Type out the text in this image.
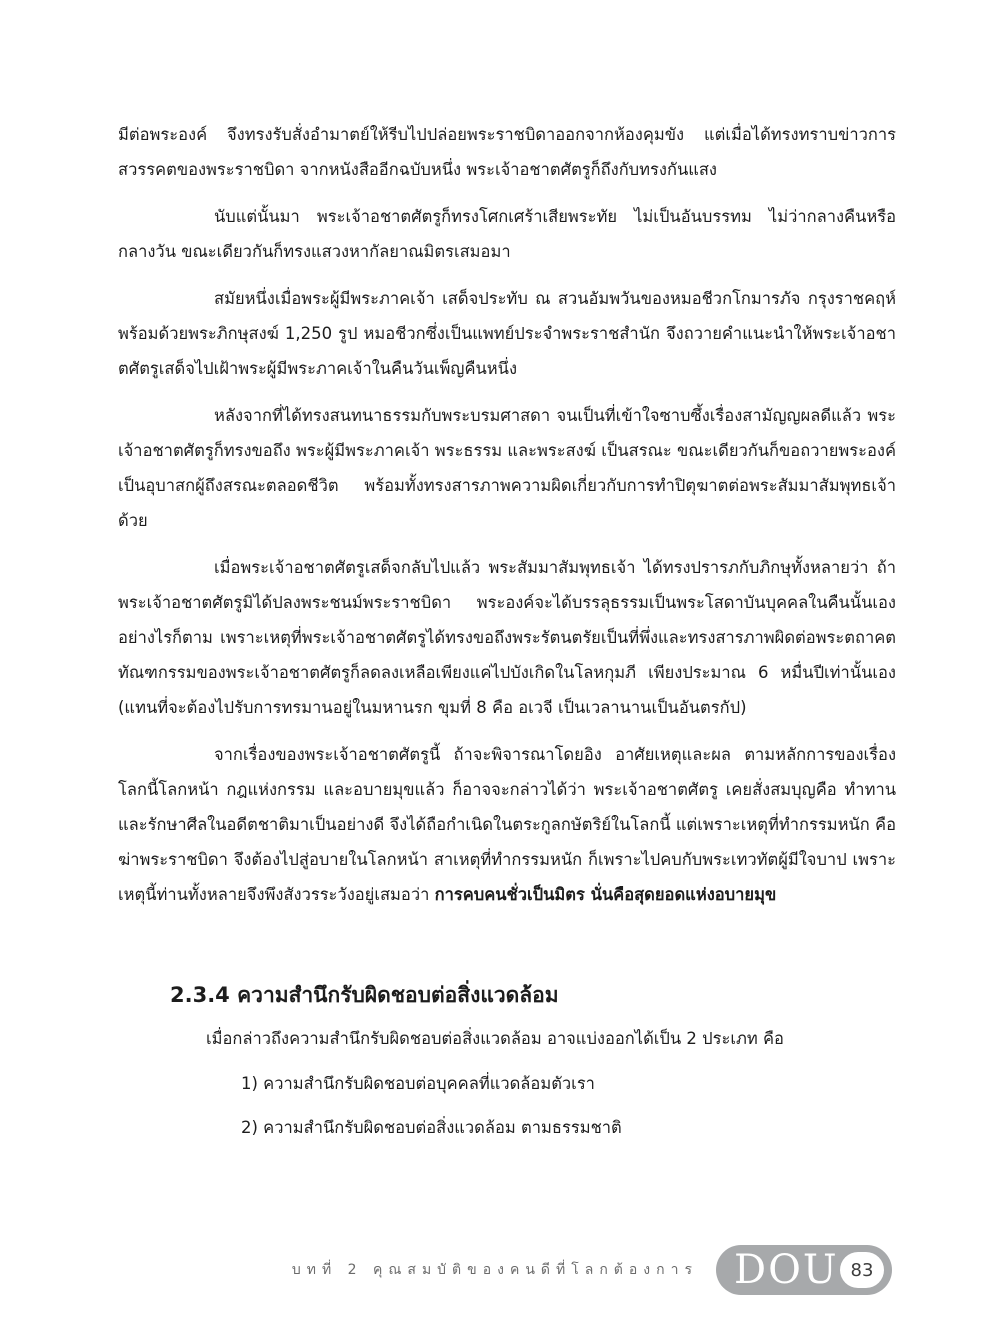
มีต่อพระองค์ จึงทรงรับสั่งอำมาตย์ให้รีบไปปล่อยพระราชบิดาออกจากห้องคุมขัง แต่เมื่อได้ทรงทราบข่าวการสวรรคตของพระราชบิดา จากหนังสืออีกฉบับหนึ่ง พระเจ้าอชาตศัตรูก็ถึงกับทรงกันแสง

นับแต่นั้นมา พระเจ้าอชาตศัตรูก็ทรงโศกเศร้าเสียพระทัย ไม่เป็นอันบรรทม ไม่ว่ากลางคืนหรือกลางวัน ขณะเดียวกันก็ทรงแสวงหากัลยาณมิตรเสมอมา

สมัยหนึ่งเมื่อพระผู้มีพระภาคเจ้า เสด็จประทับ ณ สวนอัมพวันของหมอชีวกโกมารภัจ กรุงราชคฤห์ พร้อมด้วยพระภิกษุสงฆ์ 1,250 รูป หมอชีวกซึ่งเป็นแพทย์ประจำพระราชสำนัก จึงถวายคำแนะนำให้พระเจ้าอชาตศัตรูเสด็จไปเฝ้าพระผู้มีพระภาคเจ้าในคืนวันเพ็ญคืนหนึ่ง

หลังจากที่ได้ทรงสนทนาธรรมกับพระบรมศาสดา จนเป็นที่เข้าใจซาบซึ้งเรื่องสามัญญผลดีแล้ว พระเจ้าอชาตศัตรูก็ทรงขอถึง พระผู้มีพระภาคเจ้า พระธรรม และพระสงฆ์ เป็นสรณะ ขณะเดียวกันก็ขอถวายพระองค์เป็นอุบาสกผู้ถึงสรณะตลอดชีวิต พร้อมทั้งทรงสารภาพความผิดเกี่ยวกับการทำปิตุฆาตต่อพระสัมมาสัมพุทธเจ้าด้วย

เมื่อพระเจ้าอชาตศัตรูเสด็จกลับไปแล้ว พระสัมมาสัมพุทธเจ้า ได้ทรงปรารภกับภิกษุทั้งหลายว่า ถ้าพระเจ้าอชาตศัตรูมิได้ปลงพระชนม์พระราชบิดา พระองค์จะได้บรรลุธรรมเป็นพระโสดาบันบุคคลในคืนนั้นเอง อย่างไรก็ตาม เพราะเหตุที่พระเจ้าอชาตศัตรูได้ทรงขอถึงพระรัตนตรัยเป็นที่พึ่งและทรงสารภาพผิดต่อพระตถาคต ทัณฑกรรมของพระเจ้าอชาตศัตรูก็ลดลงเหลือเพียงแค่ไปบังเกิดในโลหกุมภี เพียงประมาณ 6 หมื่นปีเท่านั้นเอง (แทนที่จะต้องไปรับการทรมานอยู่ในมหานรก ขุมที่ 8 คือ อเวจี เป็นเวลานานเป็นอันตรกัป)

จากเรื่องของพระเจ้าอชาตศัตรูนี้ ถ้าจะพิจารณาโดยอิง อาศัยเหตุและผล ตามหลักการของเรื่องโลกนี้โลกหน้า กฎแห่งกรรม และอบายมุขแล้ว ก็อาจจะกล่าวได้ว่า พระเจ้าอชาตศัตรู เคยสั่งสมบุญคือ ทำทาน และรักษาศีลในอดีตชาติมาเป็นอย่างดี จึงได้ถือกำเนิดในตระกูลกษัตริย์ในโลกนี้ แต่เพราะเหตุที่ทำกรรมหนัก คือฆ่าพระราชบิดา จึงต้องไปสู่อบายในโลกหน้า สาเหตุที่ทำกรรมหนัก ก็เพราะไปคบกับพระเทวทัตผู้มีใจบาป เพราะเหตุนี้ท่านทั้งหลายจึงพึงสังวรระวังอยู่เสมอว่า การคบคนชั่วเป็นมิตร นั่นคือสุดยอดแห่งอบายมุข

2.3.4 ความสำนึกรับผิดชอบต่อสิ่งแวดล้อม

เมื่อกล่าวถึงความสำนึกรับผิดชอบต่อสิ่งแวดล้อม อาจแบ่งออกได้เป็น 2 ประเภท คือ

1) ความสำนึกรับผิดชอบต่อบุคคลที่แวดล้อมตัวเรา

2) ความสำนึกรับผิดชอบต่อสิ่งแวดล้อม ตามธรรมชาติ

บทที่ 2 คุณสมบัติของคนดีที่โลกต้องการ DOU 83
